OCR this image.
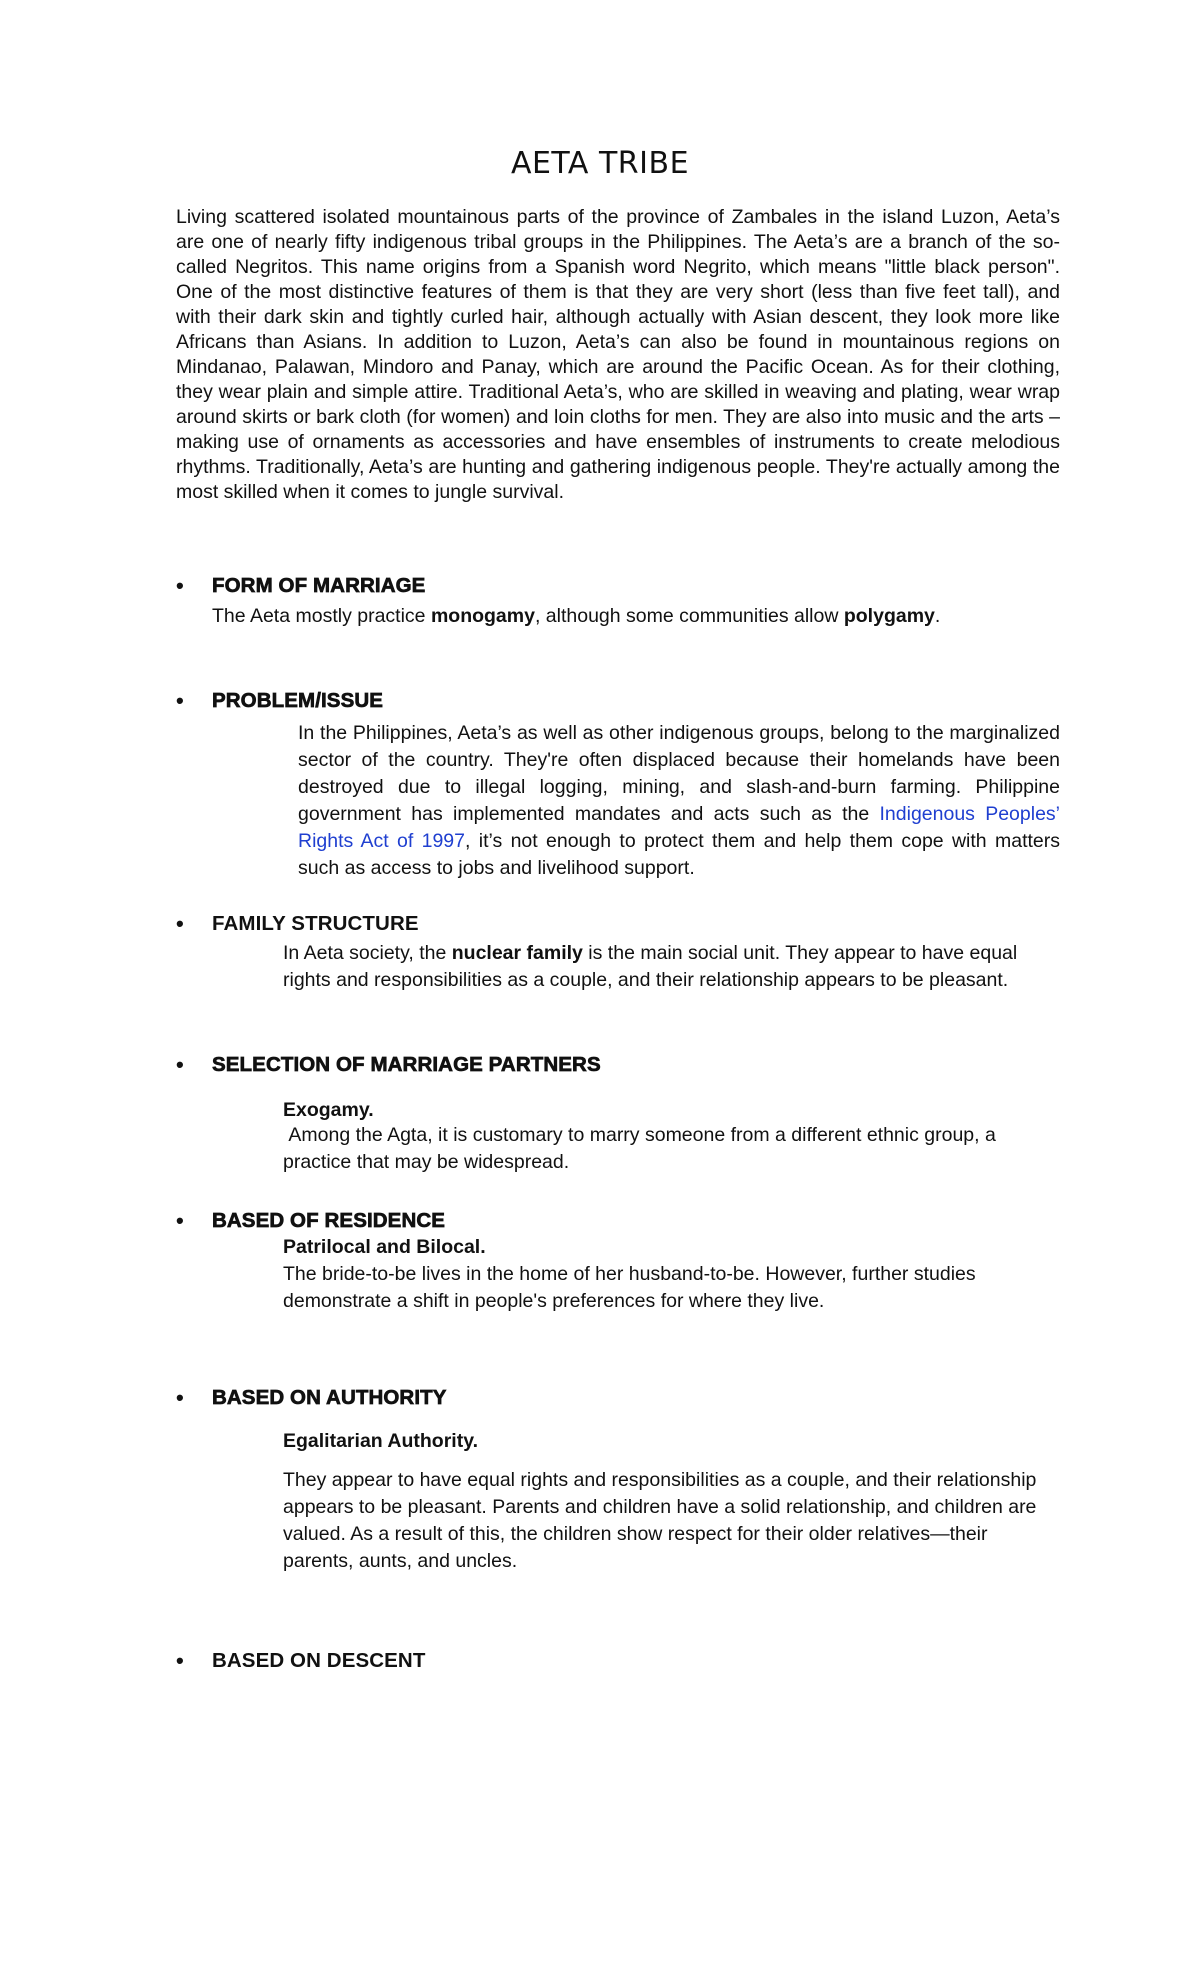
AETA TRIBE

Living scattered isolated mountainous parts of the province of Zambales in the island Luzon, Aeta’s are one of nearly fifty indigenous tribal groups in the Philippines. The Aeta’s are a branch of the so-called Negritos. This name origins from a Spanish word Negrito, which means "little black person". One of the most distinctive features of them is that they are very short (less than five feet tall), and with their dark skin and tightly curled hair, although actually with Asian descent, they look more like Africans than Asians. In addition to Luzon, Aeta’s can also be found in mountainous regions on Mindanao, Palawan, Mindoro and Panay, which are around the Pacific Ocean. As for their clothing, they wear plain and simple attire. Traditional Aeta’s, who are skilled in weaving and plating, wear wrap around skirts or bark cloth (for women) and loin cloths for men. They are also into music and the arts – making use of ornaments as accessories and have ensembles of instruments to create melodious rhythms. Traditionally, Aeta’s are hunting and gathering indigenous people. They're actually among the most skilled when it comes to jungle survival.

• FORM OF MARRIAGE

The Aeta mostly practice monogamy, although some communities allow polygamy.

• PROBLEM/ISSUE

In the Philippines, Aeta’s as well as other indigenous groups, belong to the marginalized sector of the country. They're often displaced because their homelands have been destroyed due to illegal logging, mining, and slash-and-burn farming. Philippine government has implemented mandates and acts such as the Indigenous Peoples’ Rights Act of 1997, it’s not enough to protect them and help them cope with matters such as access to jobs and livelihood support.

• FAMILY STRUCTURE

In Aeta society, the nuclear family is the main social unit. They appear to have equal rights and responsibilities as a couple, and their relationship appears to be pleasant.

• SELECTION OF MARRIAGE PARTNERS

Exogamy.

Among the Agta, it is customary to marry someone from a different ethnic group, a practice that may be widespread.

• BASED OF RESIDENCE

Patrilocal and Bilocal.

The bride-to-be lives in the home of her husband-to-be. However, further studies demonstrate a shift in people's preferences for where they live.

• BASED ON AUTHORITY

Egalitarian Authority.

They appear to have equal rights and responsibilities as a couple, and their relationship appears to be pleasant. Parents and children have a solid relationship, and children are valued. As a result of this, the children show respect for their older relatives—their parents, aunts, and uncles.

• BASED ON DESCENT
